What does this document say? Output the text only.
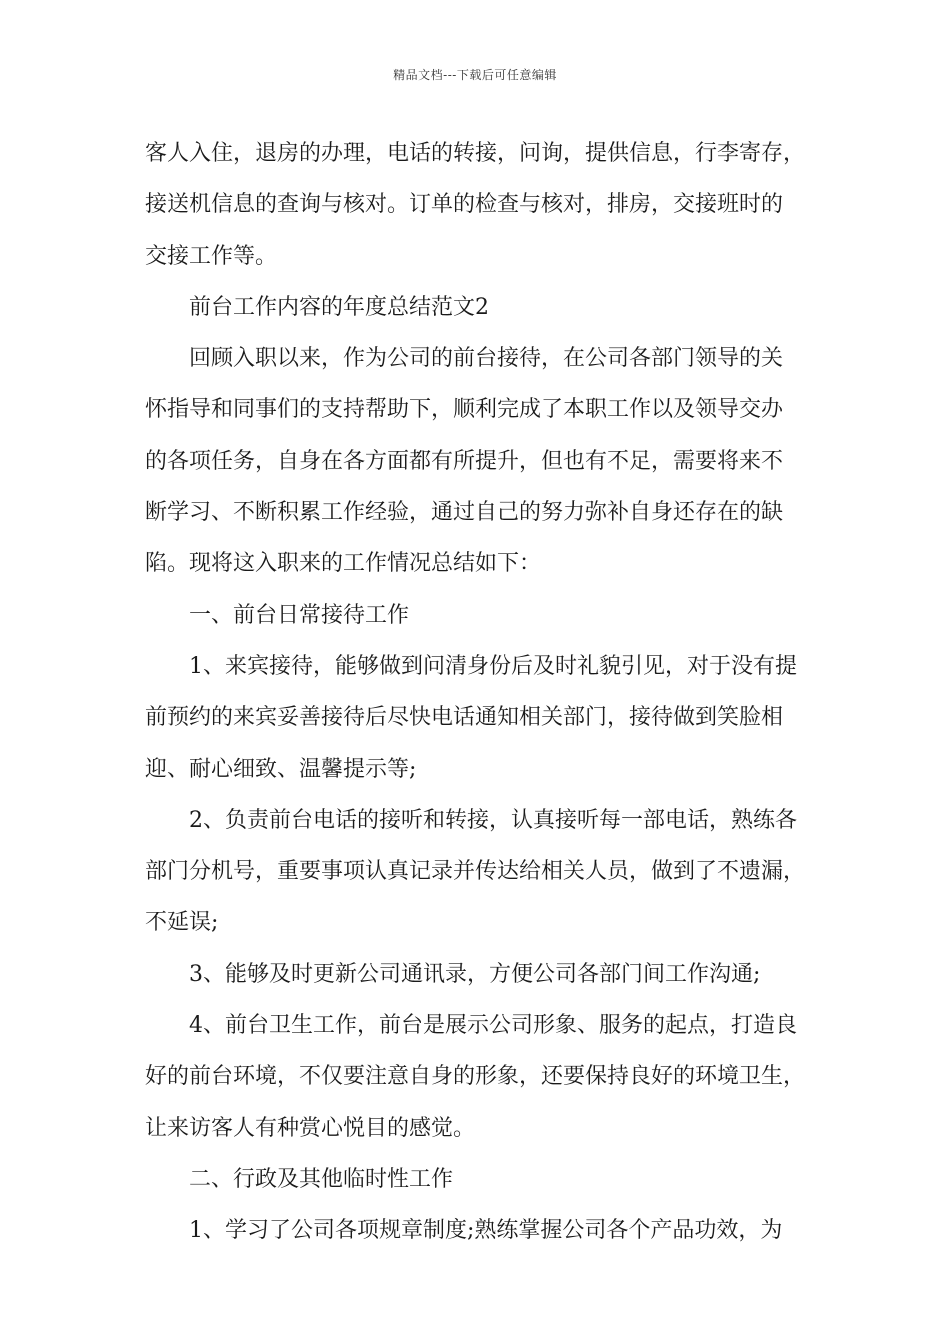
精品文档---下载后可任意编辑
客人入住，退房的办理，电话的转接，问询，提供信息，行李寄存，
接送机信息的查询与核对。订单的检查与核对，排房，交接班时的
交接工作等。
前台工作内容的年度总结范文2
回顾入职以来，作为公司的前台接待，在公司各部门领导的关
怀指导和同事们的支持帮助下，顺利完成了本职工作以及领导交办
的各项任务，自身在各方面都有所提升，但也有不足，需要将来不
断学习、不断积累工作经验，通过自己的努力弥补自身还存在的缺
陷。现将这入职来的工作情况总结如下：
一、前台日常接待工作
1、来宾接待，能够做到问清身份后及时礼貌引见，对于没有提
前预约的来宾妥善接待后尽快电话通知相关部门，接待做到笑脸相
迎、耐心细致、温馨提示等;
2、负责前台电话的接听和转接，认真接听每一部电话，熟练各
部门分机号，重要事项认真记录并传达给相关人员，做到了不遗漏，
不延误;
3、能够及时更新公司通讯录，方便公司各部门间工作沟通;
4、前台卫生工作，前台是展示公司形象、服务的起点，打造良
好的前台环境，不仅要注意自身的形象，还要保持良好的环境卫生，
让来访客人有种赏心悦目的感觉。
二、行政及其他临时性工作
1、学习了公司各项规章制度;熟练掌握公司各个产品功效，为
